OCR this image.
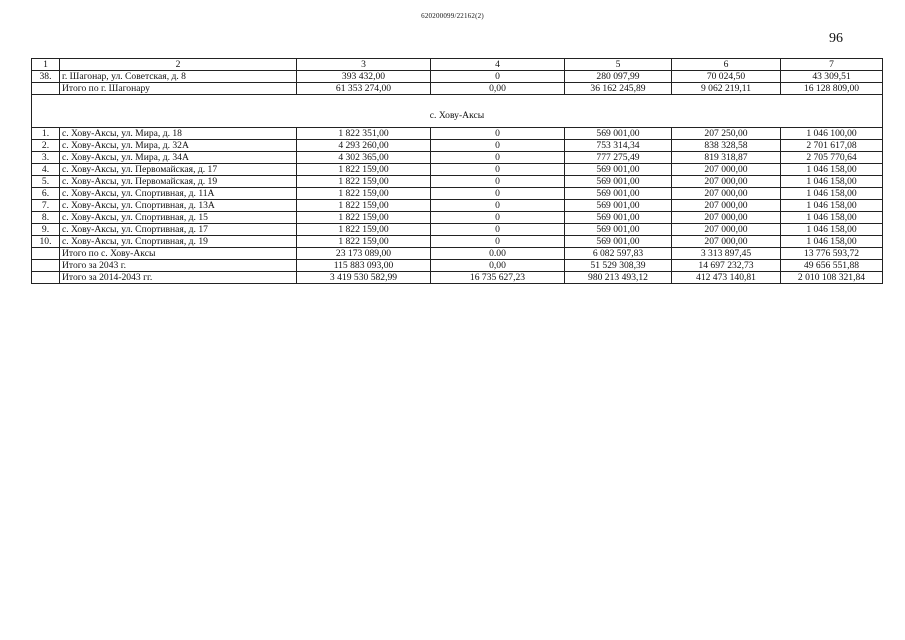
620200099/22162(2)
96
1	2	3	4	5	6	7
38.	г. Шагонар, ул. Советская, д. 8	393 432,00	0	280 097,99	70 024,50	43 309,51
	Итого по г. Шагонару	61 353 274,00	0,00	36 162 245,89	9 062 219,11	16 128 809,00
с. Хову-Аксы						
1.	с. Хову-Аксы, ул. Мира, д. 18	1 822 351,00	0	569 001,00	207 250,00	1 046 100,00
2.	с. Хову-Аксы, ул. Мира, д. 32А	4 293 260,00	0	753 314,34	838 328,58	2 701 617,08
3.	с. Хову-Аксы, ул. Мира, д. 34А	4 302 365,00	0	777 275,49	819 318,87	2 705 770,64
4.	с. Хову-Аксы, ул. Первомайская, д. 17	1 822 159,00	0	569 001,00	207 000,00	1 046 158,00
5.	с. Хову-Аксы, ул. Первомайская, д. 19	1 822 159,00	0	569 001,00	207 000,00	1 046 158,00
6.	с. Хову-Аксы, ул. Спортивная, д. 11А	1 822 159,00	0	569 001,00	207 000,00	1 046 158,00
7.	с. Хову-Аксы, ул. Спортивная, д. 13А	1 822 159,00	0	569 001,00	207 000,00	1 046 158,00
8.	с. Хову-Аксы, ул. Спортивная, д. 15	1 822 159,00	0	569 001,00	207 000,00	1 046 158,00
9.	с. Хову-Аксы, ул. Спортивная, д. 17	1 822 159,00	0	569 001,00	207 000,00	1 046 158,00
10.	с. Хову-Аксы, ул. Спортивная, д. 19	1 822 159,00	0	569 001,00	207 000,00	1 046 158,00
	Итого по с. Хову-Аксы	23 173 089,00	0.00	6 082 597,83	3 313 897,45	13 776 593,72
	Итого за 2043 г.	115 883 093,00	0,00	51 529 308,39	14 697 232,73	49 656 551,88
	Итого за 2014-2043 гг.	3 419 530 582,99	16 735 627,23	980 213 493,12	412 473 140,81	2 010 108 321,84
